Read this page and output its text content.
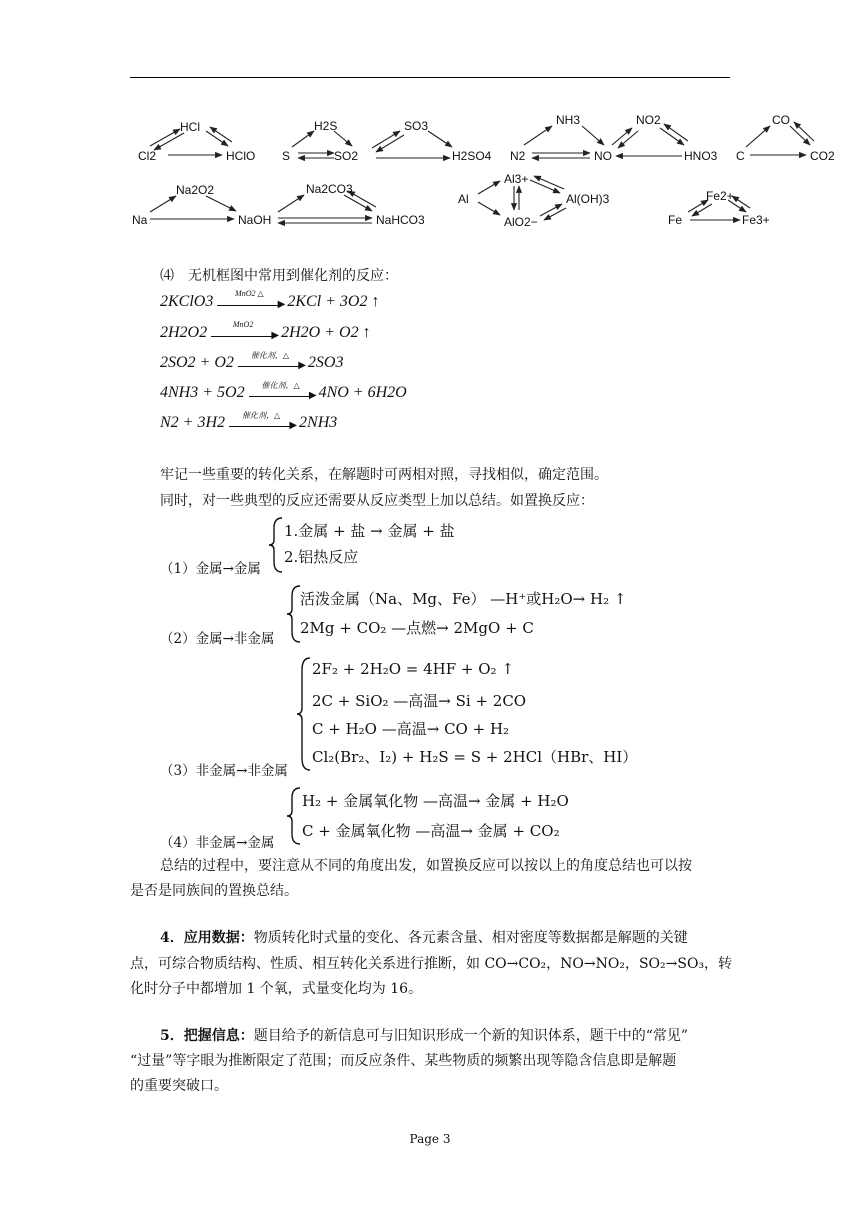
HCl
Cl2	HClO S
H2S
SO2
SO3
H2SO4 N2
NH3
NO
NO2
HNO3 C
CO
CO2
Na
Na2O2
NaOH
Na2CO3
NaHCO3
Al
Al3+
Al(OH)3
AlO2−	Fe
Fe2+
Fe3+
⑷　无机框图中常用到催化剂的反应：
2KClO3	MnO2 △
▶ 2KCl + 3O2 ↑
2H2O2	MnO2
▶ 2H2O + O2 ↑
2SO2 + O2	催化剂，△
▶ 2SO3
4NH3 + 5O2	催化剂，△
▶ 4NO + 6H2O
N2 + 3H2	催化剂，△
▶ 2NH3
牢记一些重要的转化关系，在解题时可两相对照，寻找相似，确定范围。
同时，对一些典型的反应还需要从反应类型上加以总结。如置换反应：
（1）金属→金属
1.金属 + 盐 → 金属 + 盐
2.铝热反应
（2）金属→非金属
活泼金属（Na、Mg、Fe） —H⁺或H₂O→ H₂ ↑
2Mg + CO₂ —点燃→ 2MgO + C
（3）非金属→非金属
2F₂ + 2H₂O = 4HF + O₂ ↑
2C + SiO₂ —高温→ Si + 2CO
C + H₂O —高温→ CO + H₂
Cl₂(Br₂、I₂) + H₂S = S + 2HCl（HBr、HI）
（4）非金属→金属
H₂ + 金属氧化物 —高温→ 金属 + H₂O
C + 金属氧化物 —高温→ 金属 + CO₂
总结的过程中，要注意从不同的角度出发，如置换反应可以按以上的角度总结也可以按
是否是同族间的置换总结。
4．应用数据：物质转化时式量的变化、各元素含量、相对密度等数据都是解题的关键
点，可综合物质结构、性质、相互转化关系进行推断，如 CO→CO₂，NO→NO₂，SO₂→SO₃，转
化时分子中都增加 1 个氧，式量变化均为 16。
5．把握信息：题目给予的新信息可与旧知识形成一个新的知识体系，题干中的“常见”
“过量”等字眼为推断限定了范围；而反应条件、某些物质的频繁出现等隐含信息即是解题
的重要突破口。
Page 3
